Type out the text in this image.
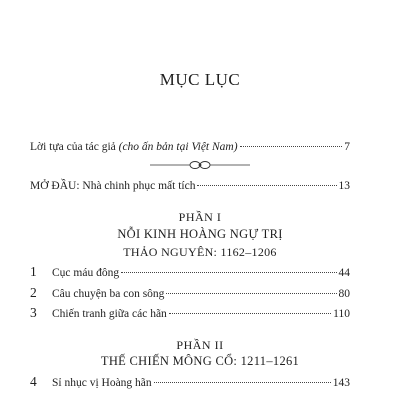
MỤC LỤC
Lời tựa của tác giả (cho ấn bản tại Việt Nam)	7
MỞ ĐẦU: Nhà chinh phục mất tích	13
PHẦN I
NỖI KINH HOÀNG NGỰ TRỊ
THẢO NGUYÊN: 1162–1206
1	Cục máu đông	44
2	Câu chuyện ba con sông	80
3	Chiến tranh giữa các hãn	110
PHẦN II
THẾ CHIẾN MÔNG CỔ: 1211–1261
4	Sỉ nhục vị Hoàng hãn	143
